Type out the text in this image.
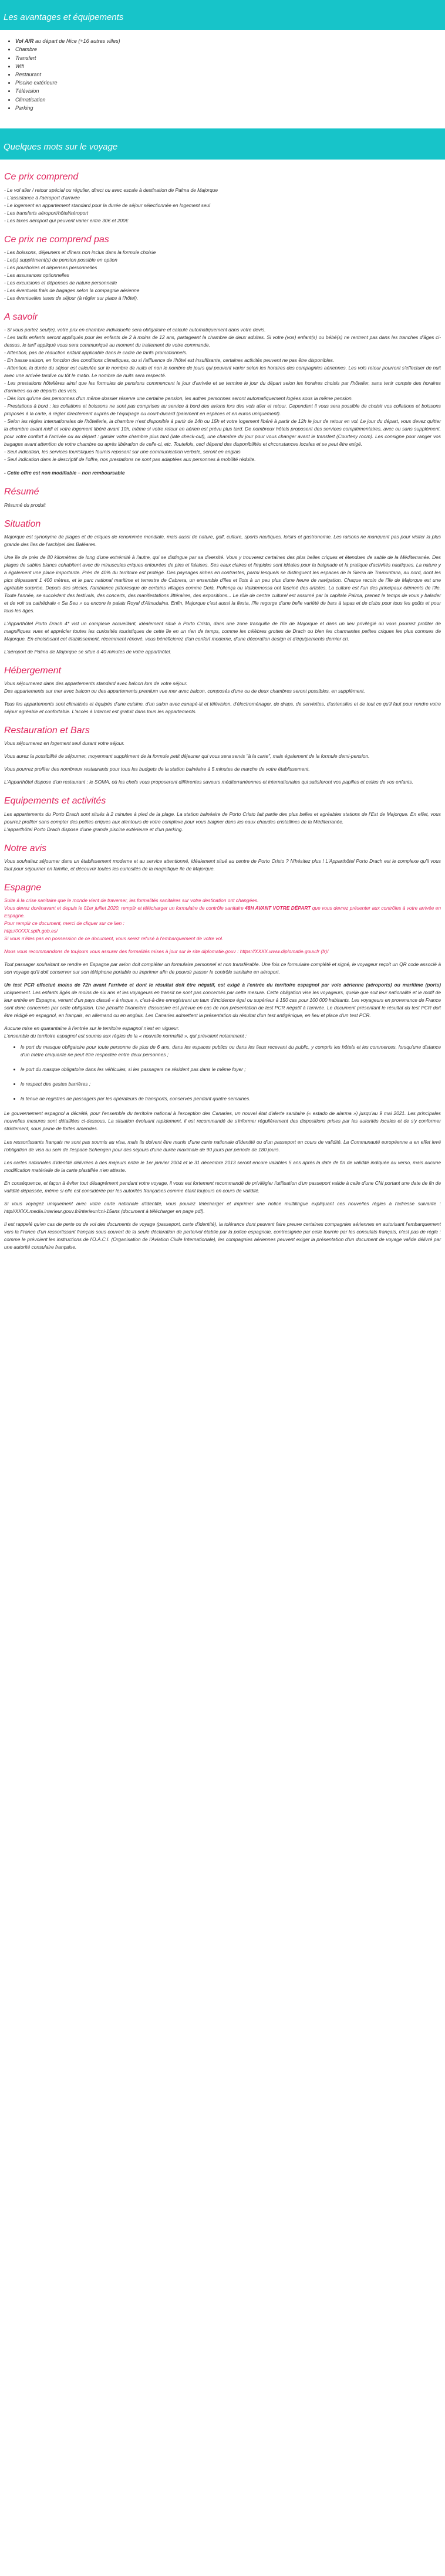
Les avantages et équipements
• Vol A/R au départ de Nice (+16 autres villes)
• Chambre
• Transfert
• Wifi
• Restaurant
• Piscine extérieure
• Télévision
• Climatisation
• Parking
Quelques mots sur le voyage
Ce prix comprend

- Le vol aller / retour spécial ou régulier, direct ou avec escale à destination de Palma de Majorque

- L'assistance à l'aéroport d'arrivée

- Le logement en appartement standard pour la durée de séjour sélectionnée en logement seul

- Les transferts aéroport/hôtel/aéroport

- Les taxes aéroport qui peuvent varier entre 30€ et 200€

Ce prix ne comprend pas

- Les boissons, déjeuners et dîners non inclus dans la formule choisie

- Le(s) supplément(s) de pension possible en option

- Les pourboires et dépenses personnelles

- Les assurances optionnelles

- Les excursions et dépenses de nature personnelle

- Les éventuels frais de bagages selon la compagnie aérienne

- Les éventuelles taxes de séjour (à régler sur place à l'hôtel).

A savoir

- Si vous partez seul(e), votre prix en chambre individuelle sera obligatoire et calculé automatiquement dans votre devis.

- Les tarifs enfants seront appliqués pour les enfants de 2 à moins de 12 ans, partageant la chambre de deux adultes. Si votre (vos) enfant(s) ou bébé(s) ne rentrent pas dans les tranches d'âges ci-dessus, le tarif appliqué vous sera communiqué au moment du traitement de votre commande.

- Attention, pas de réduction enfant applicable dans le cadre de tarifs promotionnels.

- En basse saison, en fonction des conditions climatiques, ou si l'affluence de l'hôtel est insuffisante, certaines activités peuvent ne pas être disponibles.

- Attention, la durée du séjour est calculée sur le nombre de nuits et non le nombre de jours qui peuvent varier selon les horaires des compagnies aériennes. Les vols retour pourront s'effectuer de nuit avec une arrivée tardive ou tôt le matin. Le nombre de nuits sera respecté.

- Les prestations hôtelières ainsi que les formules de pensions commencent le jour d'arrivée et se termine le jour du départ selon les horaires choisis par l'hôtelier, sans tenir compte des horaires d'arrivées ou de départs des vols.

- Dès lors qu'une des personnes d'un même dossier réserve une certaine pension, les autres personnes seront automatiquement logées sous la même pension.

- Prestations à bord : les collations et boissons ne sont pas comprises au service à bord des avions lors des vols aller et retour. Cependant il vous sera possible de choisir vos collations et boissons proposés à la carte, à régler directement auprès de l'équipage ou court-ducard (paiement en espèces et en euros uniquement).

- Selon les règles internationales de l'hôtellerie, la chambre n'est disponible à partir de 14h ou 15h et votre logement libéré à partir de 12h le jour de retour en vol. Le jour du départ, vous devez quitter la chambre avant midi et votre logement libéré avant 10h, même si votre retour en aérien est prévu plus tard. De nombreux hôtels proposent des services complémentaires, avec ou sans supplément, pour votre confort à l'arrivée ou au départ : garder votre chambre plus tard (late check-out), une chambre du jour pour vous changer avant le transfert (Courtesy room). Les consigne pour ranger vos bagages avant attention de votre chambre ou après libération de celle-ci, etc. Toutefois, ceci dépend des disponibilités et circonstances locales et se peut être exigé.

- Seul indication, les services touristiques fournis reposant sur une communication verbale, seront en anglais

- Seul indication dans le descriptif de l'offre, nos prestations ne sont pas adaptées aux personnes à mobilité réduite.

- Cette offre est non modifiable – non remboursable

Résumé

Résumé du produit

Situation

Majorque est synonyme de plages et de criques de renommée mondiale, mais aussi de nature, golf, culture, sports nautiques, loisirs et gastronomie. Les raisons ne manquent pas pour visiter la plus grande des îles de l'archipel des Baléares.

Une île de près de 80 kilomètres de long d'une extrémité à l'autre, qui se distingue par sa diversité. Vous y trouverez certaines des plus belles criques et étendues de sable de la Méditerranée. Des plages de sables blancs cohabitent avec de minuscules criques entourées de pins et falaises. Ses eaux claires et limpides sont idéales pour la baignade et la pratique d'activités nautiques. La nature y a également une place importante. Près de 40% du territoire est protégé. Des paysages riches en contrastes, parmi lesquels se distinguent les espaces de la Sierra de Tramuntana, au nord, dont les pics dépassent 1 400 mètres, et le parc national maritime et terrestre de Cabrera, un ensemble d'îles et îlots à un peu plus d'une heure de navigation. Chaque recoin de l'île de Majorque est une agréable surprise. Depuis des siècles, l'ambiance pittoresque de certains villages comme Deià, Pollença ou Valldemossa ont fasciné des artistes. La culture est l'un des principaux éléments de l'île. Toute l'année, se succèdent des festivals, des concerts, des manifestations littéraires, des expositions... Le rôle de centre culturel est assumé par la capitale Palma, prenez le temps de vous y balader et de voir sa cathédrale « Sa Seu » ou encore le palais Royal d'Almudaina. Enfin, Majorque c'est aussi la fiesta, l'île regorge d'une belle variété de bars à tapas et de clubs pour tous les goûts et pour tous les âges.

L'Apparthôtel Porto Drach 4* vist un complexe accueillant, idéalement situé à Porto Cristo, dans une zone tranquille de l'île de Majorque et dans un lieu privilégié où vous pourrez profiter de magnifiques vues et apprécier toutes les curiosités touristiques de cette île en un rien de temps, comme les célèbres grottes de Drach ou bien les charmantes petites criques les plus connues de Majorque. En choisissant cet établissement, récemment rénové, vous bénéficierez d'un confort moderne, d'une décoration design et d'équipements dernier cri.

L'aéroport de Palma de Majorque se situe à 40 minutes de votre apparthôtel.

Hébergement

Vous séjournerez dans des appartements standard avec balcon lors de votre séjour.
Des appartements sur mer avec balcon ou des appartements premium vue mer avec balcon, composés d'une ou de deux chambres seront possibles, en supplément.

Tous les appartements sont climatisés et équipés d'une cuisine, d'un salon avec canapé-lit et télévision, d'électroménager, de draps, de serviettes, d'ustensiles et de tout ce qu'il faut pour rendre votre séjour agréable et confortable. L'accès à Internet est gratuit dans tous les appartements.

Restauration et Bars

Vous séjournerez en logement seul durant votre séjour.

Vous aurez la possibilité de séjourner, moyennant supplément de la formule petit déjeuner qui vous sera servis "à la carte", mais également de la formule demi-pension.

Vous pourrez profiter des nombreux restaurants pour tous les budgets de la station balnéaire à 5 minutes de marche de votre établissement.

L'Apparthôtel dispose d'un restaurant : le SOMA, où les chefs vous proposeront différentes saveurs méditerranéennes et internationales qui satisferont vos papilles et celles de vos enfants.

Equipements et activités

Les appartements du Porto Drach sont situés à 2 minutes à pied de la plage. La station balnéaire de Porto Cristo fait partie des plus belles et agréables stations de l'Est de Majorque. En effet, vous pourrez profiter sans compter des petites criques aux alentours de votre complexe pour vous baigner dans les eaux chaudes cristallines de la Méditerranée.
L'apparthôtel Porto Drach dispose d'une grande piscine extérieure et d'un parking.

Notre avis

Vous souhaitez séjourner dans un établissement moderne et au service attentionné, idéalement situé au centre de Porto Cristo ? N'hésitez plus ! L'Apparthôtel Porto Drach est le complexe qu'il vous faut pour séjourner en famille, et découvrir toutes les curiosités de la magnifique île de Majorque.

Espagne

Suite à la crise sanitaire que le monde vient de traverser, les formalités sanitaires sur votre destination ont changées.
Vous devez dorénavant et depuis le 01er juillet 2020, remplir et télécharger un formulaire de contrôle sanitaire 48H AVANT VOTRE DÉPART que vous devrez présenter aux contrôles à votre arrivée en Espagne.
Pour remplir ce document, merci de cliquer sur ce lien :
http://XXXX.spth.gob.es/
Si vous n'êtes pas en possession de ce document, vous serez refusé à l'embarquement de votre vol.

Nous vous recommandons de toujours vous assurer des formalités mises à jour sur le site diplomatie.gouv : https://XXXX.www.diplomatie.gouv.fr (fr)/

Tout passager souhaitant se rendre en Espagne par avion doit compléter un formulaire personnel et non transférable. Une fois ce formulaire complété et signé, le voyageur reçoit un QR code associé à son voyage qu'il doit conserver sur son téléphone portable ou imprimer afin de pouvoir passer le contrôle sanitaire en aéroport.

Un test PCR effectué moins de 72h avant l'arrivée et dont le résultat doit être négatif, est exigé à l'entrée du territoire espagnol par voie aérienne (aéroports) ou maritime (ports) uniquement. Les enfants âgés de moins de six ans et les voyageurs en transit ne sont pas concernés par cette mesure. Cette obligation vise les voyageurs, quelle que soit leur nationalité et le motif de leur entrée en Espagne, venant d'un pays classé « à risque », c'est-à-dire enregistrant un taux d'incidence égal ou supérieur à 150 cas pour 100 000 habitants. Les voyageurs en provenance de France sont donc concernés par cette obligation. Une pénalité financière dissuasive est prévue en cas de non présentation de test PCR négatif à l'arrivée. Le document présentant le résultat du test PCR doit être rédigé en espagnol, en français, en allemand ou en anglais. Les Canaries admettent la présentation du résultat d'un test antigénique, en lieu et place d'un test PCR.

Aucune mise en quarantaine à l'entrée sur le territoire espagnol n'est en vigueur.
L'ensemble du territoire espagnol est soumis aux règles de la « nouvelle normalité », qui prévoient notamment :

• le port du masque obligatoire pour toute personne de plus de 6 ans, dans les espaces publics ou dans les lieux recevant du public, y compris les hôtels et les commerces, lorsqu'une distance d'un mètre cinquante ne peut être respectée entre deux personnes ;
• le port du masque obligatoire dans les véhicules, si les passagers ne résident pas dans le même foyer ;
• le respect des gestes barrières ;
• la tenue de registres de passagers par les opérateurs de transports, conservés pendant quatre semaines.

Le gouvernement espagnol a décrété, pour l'ensemble du territoire national à l'exception des Canaries, un nouvel état d'alerte sanitaire (« estado de alarma ») jusqu'au 9 mai 2021. Les principales nouvelles mesures sont détaillées ci-dessous. La situation évoluant rapidement, il est recommandé de s'informer régulièrement des dispositions prises par les autorités locales et de s'y conformer strictement, sous peine de fortes amendes.

Les ressortissants français ne sont pas soumis au visa, mais ils doivent être munis d'une carte nationale d'identité ou d'un passeport en cours de validité. La Communauté européenne a en effet levé l'obligation de visa au sein de l'espace Schengen pour des séjours d'une durée maximale de 90 jours par période de 180 jours.

Les cartes nationales d'identité délivrées à des majeurs entre le 1er janvier 2004 et le 31 décembre 2013 seront encore valables 5 ans après la date de fin de validité indiquée au verso, mais aucune modification matérielle de la carte plastifiée n'en atteste.

En conséquence, et façon à éviter tout désagrément pendant votre voyage, il vous est fortement recommandé de privilégier l'utilisation d'un passeport valide à celle d'une CNI portant une date de fin de validité dépassée, même si elle est considérée par les autorités françaises comme étant toujours en cours de validité.

Si vous voyagez uniquement avec votre carte nationale d'identité, vous pouvez télécharger et imprimer une notice multilingue expliquant ces nouvelles règles à l'adresse suivante : http//XXXX.media.interieur.gouv.fr/interieur/cni-15ans (document à télécharger en page pdf).

Il est rappelé qu'en cas de perte ou de vol des documents de voyage (passeport, carte d'identité), la tolérance dont peuvent faire preuve certaines compagnies aériennes en autorisant l'embarquement vers la France d'un ressortissant français sous couvert de la seule déclaration de perte/vol établie par la police espagnole, contresignée par celle fournie par les consulats français, n'est pas de règle : comme le prévoient les instructions de l'O.A.C.I. (Organisation de l'Aviation Civile Internationale), les compagnies aériennes peuvent exiger la présentation d'un document de voyage valide délivré par une autorité consulaire française.
